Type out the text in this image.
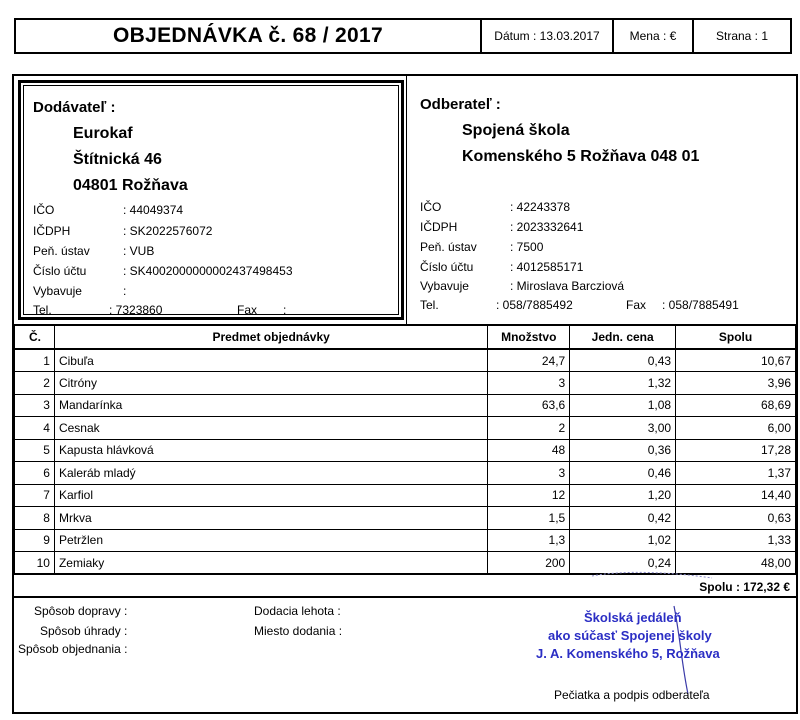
OBJEDNÁVKA č. 68 / 2017	Dátum : 13.03.2017	Mena : €	Strana : 1
Dodávateľ :
Eurokaf
Štítnická 46
04801 Rožňava
IČO	: 44049374
IČDPH	: SK2022576072
Peň. ústav	: VUB
Číslo účtu	: SK4002000000002437498453
Vybavuje	:
Tel.	: 7323860	Fax :
Odberateľ :
Spojená škola
Komenského 5 Rožňava 048 01
IČO	: 42243378
IČDPH	: 2023332641
Peň. ústav	: 7500
Číslo účtu	: 4012585171
Vybavuje	: Miroslava Barcziová
Tel.	: 058/7885492	Fax : 058/7885491
Č.	Predmet objednávky	Množstvo	Jedn. cena	Spolu
1	Cibuľa	24,7	0,43	10,67
2	Citróny	3	1,32	3,96
3	Mandarínka	63,6	1,08	68,69
4	Cesnak	2	3,00	6,00
5	Kapusta hlávková	48	0,36	17,28
6	Kaleráb mladý	3	0,46	1,37
7	Karfiol	12	1,20	14,40
8	Mrkva	1,5	0,42	0,63
9	Petržlen	1,3	1,02	1,33
10	Zemiaky	200	0,24	48,00
Spolu : 172,32 €
Spôsob dopravy :
Spôsob úhrady :
Spôsob objednania :
Dodacia lehota :
Miesto dodania :
Školská jedáleň
ako súčasť Spojenej školy
J. A. Komenského 5, Rožňava
Pečiatka a podpis odberateľa
